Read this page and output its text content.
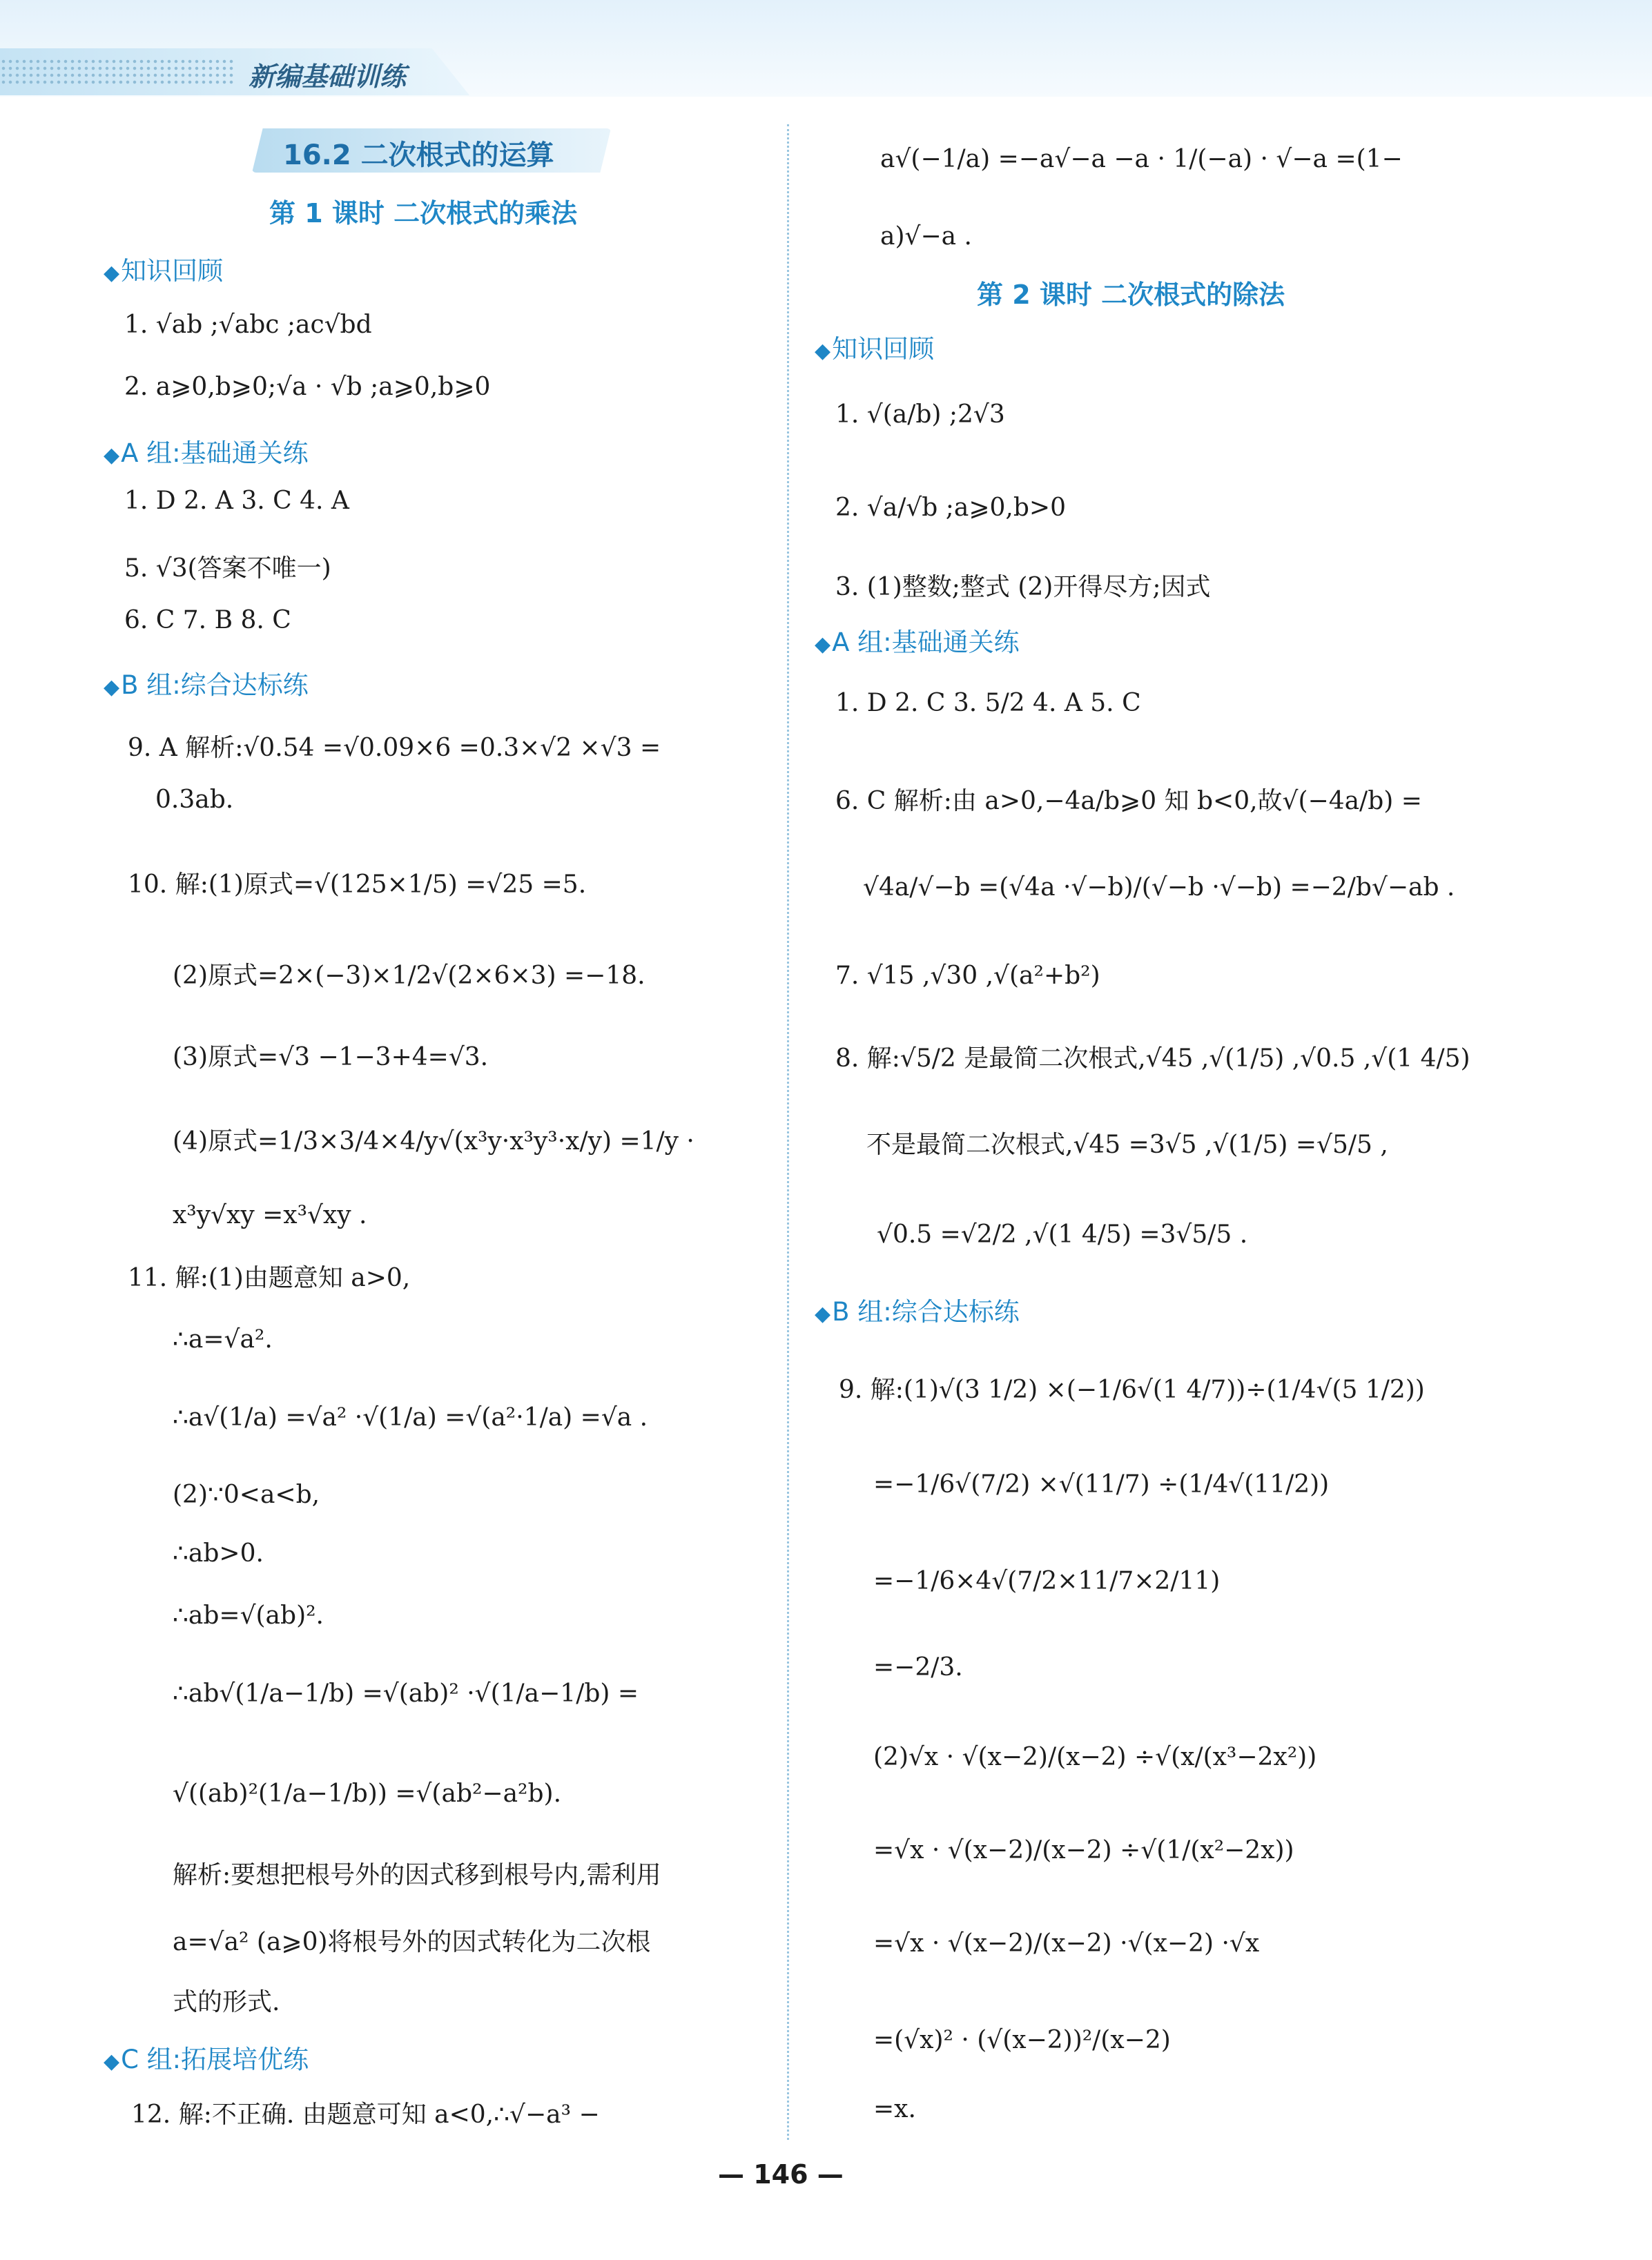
新编基础训练
16.2 二次根式的运算
第 1 课时 二次根式的乘法
第 2 课时 二次根式的除法
◆知识回顾
1. √ab ;√abc ;ac√bd
2. a⩾0,b⩾0;√a · √b ;a⩾0,b⩾0
◆A 组:基础通关练
1. D 2. A 3. C 4. A
5. √3(答案不唯一)
6. C 7. B 8. C
◆B 组:综合达标练
9. A 解析:√0.54 =√0.09×6 =0.3×√2 ×√3 =
0.3ab.
10. 解:(1)原式=√(125×1/5) =√25 =5.
(2)原式=2×(−3)×1/2√(2×6×3) =−18.
(3)原式=√3 −1−3+4=√3.
(4)原式=1/3×3/4×4/y√(x³y·x³y³·x/y) =1/y ·
x³y√xy =x³√xy .
11. 解:(1)由题意知 a>0,
∴a=√a².
∴a√(1/a) =√a² ·√(1/a) =√(a²·1/a) =√a .
(2)∵0<a<b,
∴ab>0.
∴ab=√(ab)².
∴ab√(1/a−1/b) =√(ab)² ·√(1/a−1/b) =
√((ab)²(1/a−1/b)) =√(ab²−a²b).
解析:要想把根号外的因式移到根号内,需利用
a=√a² (a⩾0)将根号外的因式转化为二次根
式的形式.
◆C 组:拓展培优练
12. 解:不正确. 由题意可知 a<0,∴√−a³ −
a√(−1/a) =−a√−a −a · 1/(−a) · √−a =(1−
a)√−a .
◆知识回顾
1. √(a/b) ;2√3
2. √a/√b ;a⩾0,b>0
3. (1)整数;整式 (2)开得尽方;因式
◆A 组:基础通关练
1. D 2. C 3. 5/2 4. A 5. C
6. C 解析:由 a>0,−4a/b⩾0 知 b<0,故√(−4a/b) =
√4a/√−b =(√4a ·√−b)/(√−b ·√−b) =−2/b√−ab .
7. √15 ,√30 ,√(a²+b²)
8. 解:√5/2 是最简二次根式,√45 ,√(1/5) ,√0.5 ,√(1 4/5)
不是最简二次根式,√45 =3√5 ,√(1/5) =√5/5 ,
√0.5 =√2/2 ,√(1 4/5) =3√5/5 .
◆B 组:综合达标练
9. 解:(1)√(3 1/2) ×(−1/6√(1 4/7))÷(1/4√(5 1/2))
=−1/6√(7/2) ×√(11/7) ÷(1/4√(11/2))
=−1/6×4√(7/2×11/7×2/11)
=−2/3.
(2)√x · √(x−2)/(x−2) ÷√(x/(x³−2x²))
=√x · √(x−2)/(x−2) ÷√(1/(x²−2x))
=√x · √(x−2)/(x−2) ·√(x−2) ·√x
=(√x)² · (√(x−2))²/(x−2)
=x.
— 146 —
